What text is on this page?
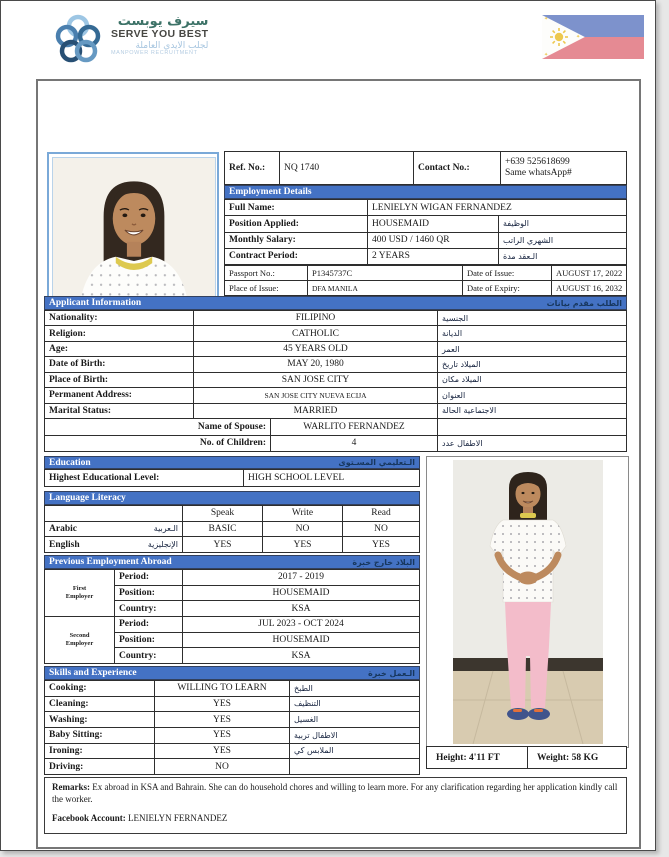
سيرف يوبست
SERVE YOU BEST
لجلب الايدي العاملة
MANPOWER RECRUITMENT
✦
✦
✦
Ref. No.:	NQ 1740	Contact No.:
+639 525618699
Same whatsApp#
Employment Details
Full Name:	LENIELYN WIGAN FERNANDEZ
Position Applied:	HOUSEMAID	الوظيفة
Monthly Salary:	400 USD / 1460 QR	الشهري الراتب
Contract Period:	2 YEARS	الـعقد مدة
Passport No.:	P1345737C	Date of Issue:	AUGUST 17, 2022
Place of Issue:	DFA MANILA	Date of Expiry:	AUGUST 16, 2032
Applicant Information	الطلب مقدم بيانات
Nationality:	FILIPINO	الجنسية
Religion:	CATHOLIC	الديانة
Age:	45 YEARS OLD	العمر
Date of Birth:	MAY 20, 1980	الميلاد تاريخ
Place of Birth:	SAN JOSE CITY	الميلاد مكان
Permanent Address:	SAN JOSE CITY NUEVA ECIJA	العنوان
Marital Status:	MARRIED	الاجتماعية الحالة
Name of Spouse:	WARLITO FERNANDEZ
No. of Children:	4	الاطفال عدد
Education	الـتعليمي المسـتوى
Highest Educational Level:	HIGH SCHOOL LEVEL
Language Literacy
Speak	Write	Read
Arabic	الـعربية	BASIC	NO	NO
English	الإنجليزية	YES	YES	YES
Previous Employment Abroad	البلاد خارج خبرة
First
Employer
Period:	2017 - 2019
Position:	HOUSEMAID
Country:	KSA
Second
Employer
Period:	JUL 2023 - OCT 2024
Position:	HOUSEMAID
Country:	KSA
Skills and Experience	الـعمل خبرة
Cooking:	WILLING TO LEARN	الطبخ
Cleaning:	YES	التنظيف
Washing:	YES	الغسيل
Baby Sitting:	YES	الاطفال تربية
Ironing:	YES	الملابس كي
Driving:	NO
Height: 4'11 FT	Weight: 58 KG
Remarks: Ex abroad in KSA and Bahrain. She can do household chores and willing to learn more. For any clarification regarding her application kindly call the worker.
Facebook Account: LENIELYN FERNANDEZ
